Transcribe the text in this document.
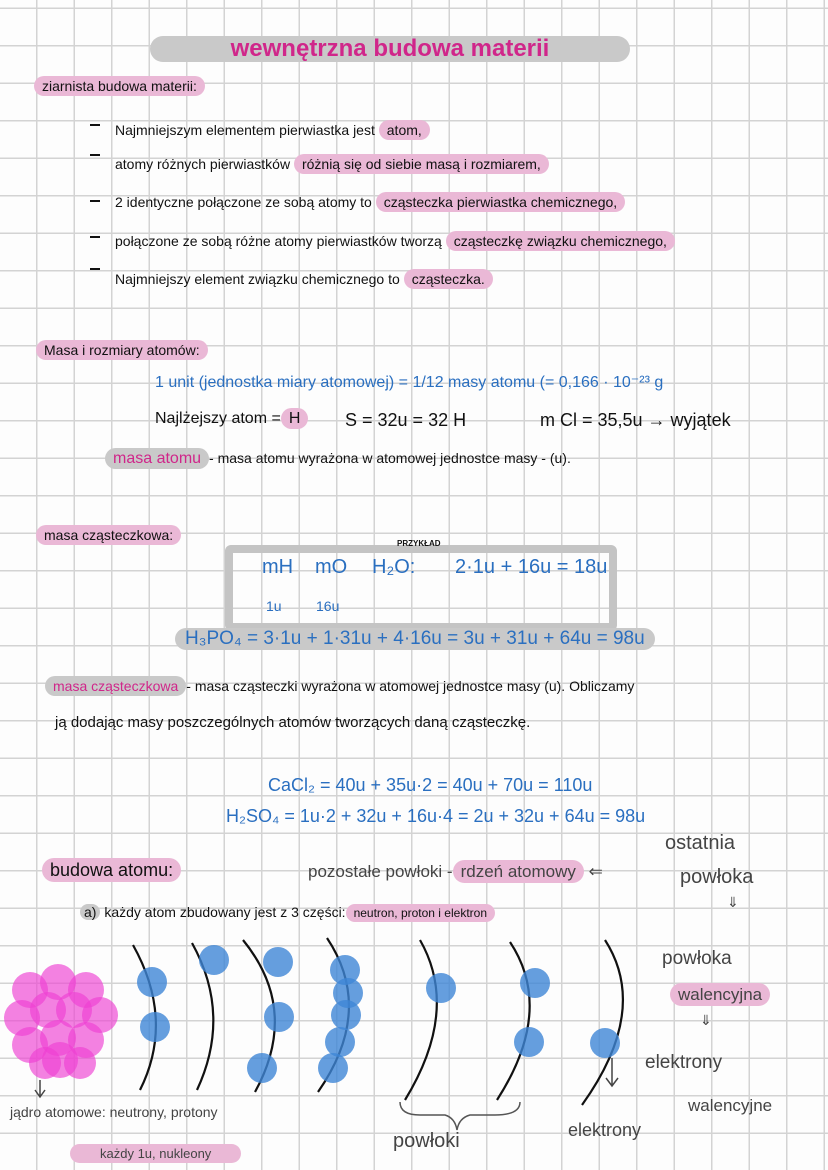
wewnętrzna budowa materii
ziarnista budowa materii:
Najmniejszym elementem pierwiastka jest atom,
atomy różnych pierwiastków różnią się od siebie masą i rozmiarem,
2 identyczne połączone ze sobą atomy to cząsteczka pierwiastka chemicznego,
połączone ze sobą różne atomy pierwiastków tworzą cząsteczkę związku chemicznego,
Najmniejszy element związku chemicznego to cząsteczka.
Masa i rozmiary atomów:
1 unit (jednostka miary atomowej) = 1/12 masy atomu (= 0,166 · 10⁻²³ g
Najlżejszy atom = H	S = 32u = 32 H	m Cl = 35,5u → wyjątek
masa atomu - masa atomu wyrażona w atomowej jednostce masy - (u).
masa cząsteczkowa:
PRZYKŁAD
mH mO H₂O: 2·1u + 16u = 18u
1u 16u
H₃PO₄ = 3·1u + 1·31u + 4·16u = 3u + 31u + 64u = 98u
masa cząsteczkowa - masa cząsteczki wyrażona w atomowej jednostce masy (u). Obliczamy
ją dodając masy poszczególnych atomów tworzących daną cząsteczkę.
CaCl₂ = 40u + 35u·2 = 40u + 70u = 110u
H₂SO₄ = 1u·2 + 32u + 16u·4 = 2u + 32u + 64u = 98u
budowa atomu:	pozostałe powłoki - rdzeń atomowy ⇐
ostatnia
powłoka
⇓
a) każdy atom zbudowany jest z 3 części: neutron, proton i elektron
powłoka
walencyjna
⇓
elektrony
walencyjne
jądro atomowe: neutrony, protony
każdy 1u, nukleony
powłoki	elektrony
